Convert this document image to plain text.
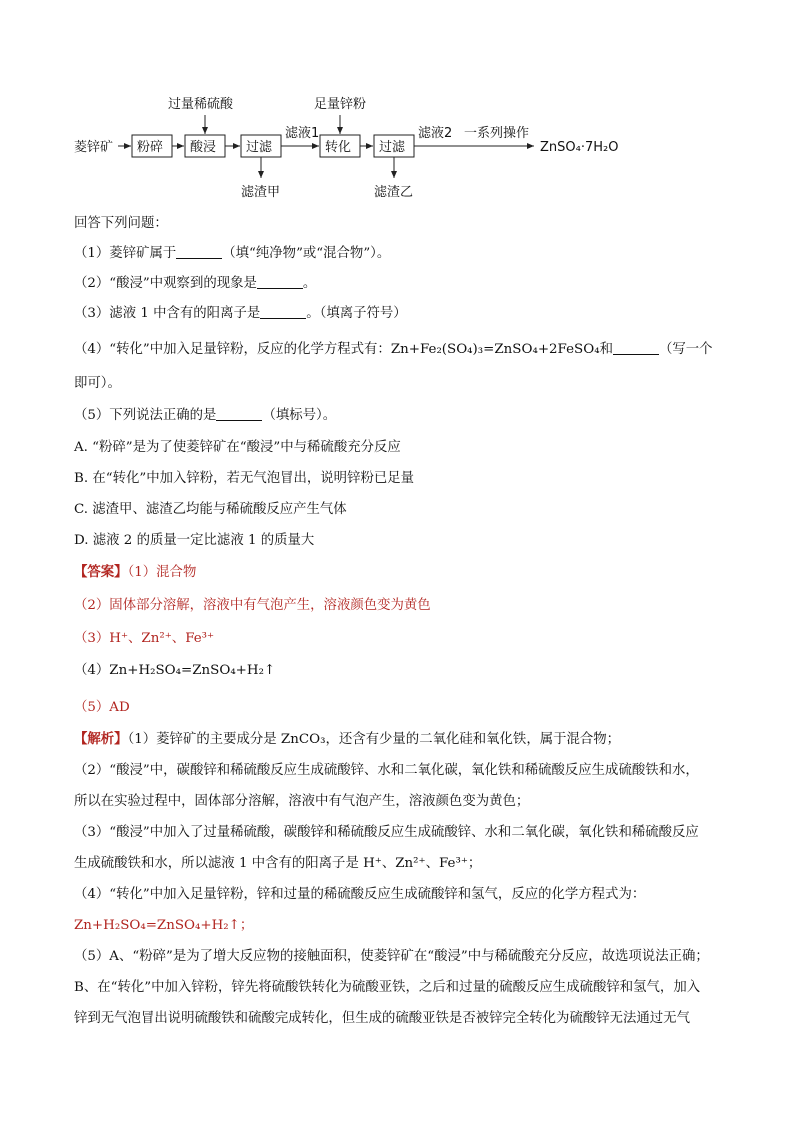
菱锌矿 粉碎 酸浸
过量稀硫酸
过滤
滤渣甲
滤液1
转化
足量锌粉
过滤
滤渣乙
滤液2 一系列操作
ZnSO₄·7H₂O
回答下列问题：
（1）菱锌矿属于	（填“纯净物”或“混合物”）。
（2）“酸浸”中观察到的现象是	。
（3）滤液 1 中含有的阳离子是	。（填离子符号）
（4）“转化”中加入足量锌粉，反应的化学方程式有：Zn+Fe₂(SO₄)₃=ZnSO₄+2FeSO₄和	（写一个
即可）。
（5）下列说法正确的是	（填标号）。
A. “粉碎”是为了使菱锌矿在“酸浸”中与稀硫酸充分反应
B. 在“转化”中加入锌粉，若无气泡冒出，说明锌粉已足量
C. 滤渣甲、滤渣乙均能与稀硫酸反应产生气体
D. 滤液 2 的质量一定比滤液 1 的质量大
【答案】（1）混合物
（2）固体部分溶解，溶液中有气泡产生，溶液颜色变为黄色
（3）H⁺、Zn²⁺、Fe³⁺
（4）Zn+H₂SO₄=ZnSO₄+H₂↑
（5）AD
【解析】（1）菱锌矿的主要成分是 ZnCO₃，还含有少量的二氧化硅和氧化铁，属于混合物；
（2）“酸浸”中，碳酸锌和稀硫酸反应生成硫酸锌、水和二氧化碳，氧化铁和稀硫酸反应生成硫酸铁和水，
所以在实验过程中，固体部分溶解，溶液中有气泡产生，溶液颜色变为黄色；
（3）“酸浸”中加入了过量稀硫酸，碳酸锌和稀硫酸反应生成硫酸锌、水和二氧化碳，氧化铁和稀硫酸反应
生成硫酸铁和水，所以滤液 1 中含有的阳离子是 H⁺、Zn²⁺、Fe³⁺；
（4）“转化”中加入足量锌粉，锌和过量的稀硫酸反应生成硫酸锌和氢气，反应的化学方程式为：
Zn+H₂SO₄=ZnSO₄+H₂↑；
（5）A、“粉碎”是为了增大反应物的接触面积，使菱锌矿在“酸浸”中与稀硫酸充分反应，故选项说法正确；
B、在“转化”中加入锌粉，锌先将硫酸铁转化为硫酸亚铁，之后和过量的硫酸反应生成硫酸锌和氢气，加入
锌到无气泡冒出说明硫酸铁和硫酸完成转化，但生成的硫酸亚铁是否被锌完全转化为硫酸锌无法通过无气
